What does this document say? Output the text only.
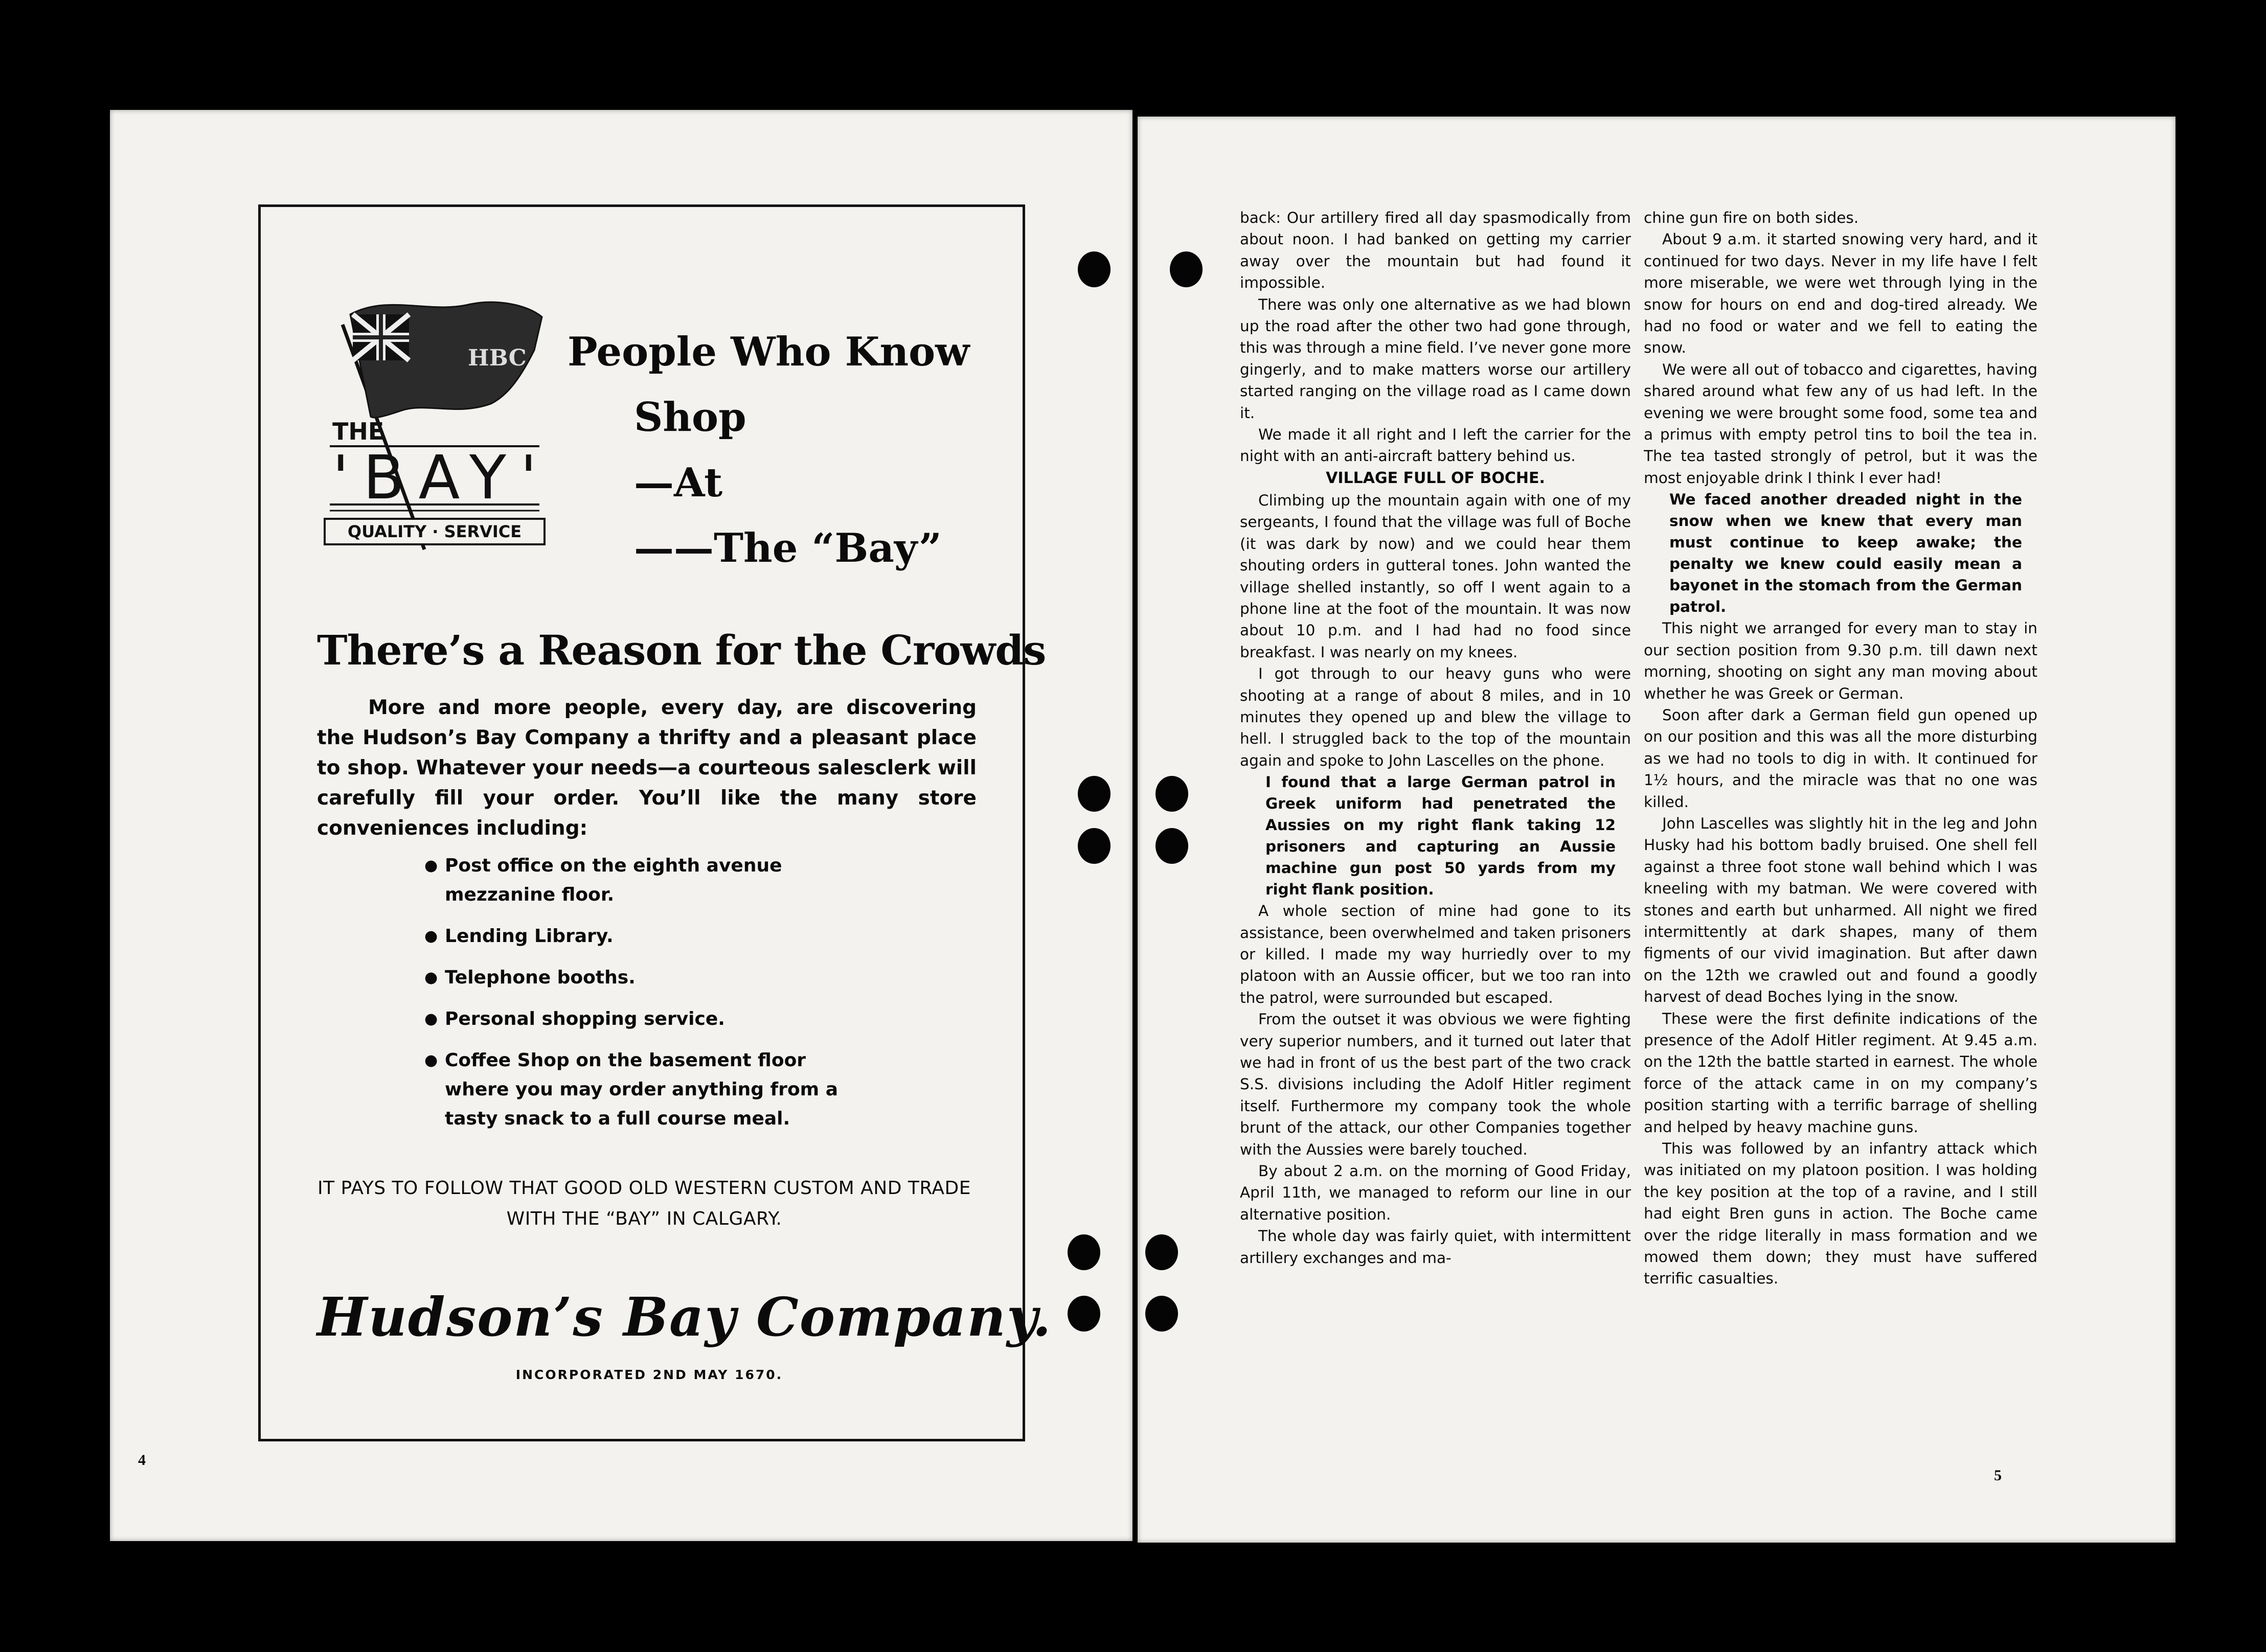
4
5
HBC
THE
'BAY'
QUALITY · SERVICE
People Who Know
Shop
—At
——The “Bay”
There’s a Reason for the Crowds

More and more people, every day, are discovering the Hudson’s Bay Company a thrifty and a pleasant place to shop. Whatever your needs—a courteous salesclerk will carefully fill your order. You’ll like the many store conveniences including:

● Post office on the eighth avenue mezzanine floor.
● Lending Library.
● Telephone booths.
● Personal shopping service.
● Coffee Shop on the basement floor where you may order anything from a tasty snack to a full course meal.
IT PAYS TO FOLLOW THAT GOOD OLD WESTERN CUSTOM AND TRADE WITH THE “BAY” IN CALGARY.
Hudson’s Bay Company.
INCORPORATED 2ND MAY 1670.

back: Our artillery fired all day spasmodically from about noon. I had banked on getting my carrier away over the mountain but had found it impossible.

There was only one alternative as we had blown up the road after the other two had gone through, this was through a mine field. I’ve never gone more gingerly, and to make matters worse our artillery started ranging on the village road as I came down it.

We made it all right and I left the carrier for the night with an anti-aircraft battery behind us.

VILLAGE FULL OF BOCHE.

Climbing up the mountain again with one of my sergeants, I found that the village was full of Boche (it was dark by now) and we could hear them shouting orders in gutteral tones. John wanted the village shelled instantly, so off I went again to a phone line at the foot of the mountain. It was now about 10 p.m. and I had had no food since breakfast. I was nearly on my knees.

I got through to our heavy guns who were shooting at a range of about 8 miles, and in 10 minutes they opened up and blew the village to hell. I struggled back to the top of the mountain again and spoke to John Lascelles on the phone.

I found that a large German patrol in Greek uniform had penetrated the Aussies on my right flank taking 12 prisoners and capturing an Aussie machine gun post 50 yards from my right flank position.

A whole section of mine had gone to its assistance, been overwhelmed and taken prisoners or killed. I made my way hurriedly over to my platoon with an Aussie officer, but we too ran into the patrol, were surrounded but escaped.

From the outset it was obvious we were fighting very superior numbers, and it turned out later that we had in front of us the best part of the two crack S.S. divisions including the Adolf Hitler regiment itself. Furthermore my company took the whole brunt of the attack, our other Companies together with the Aussies were barely touched.

By about 2 a.m. on the morning of Good Friday, April 11th, we managed to reform our line in our alternative position.

The whole day was fairly quiet, with intermittent artillery exchanges and ma-

chine gun fire on both sides.

About 9 a.m. it started snowing very hard, and it continued for two days. Never in my life have I felt more miserable, we were wet through lying in the snow for hours on end and dog-tired already. We had no food or water and we fell to eating the snow.

We were all out of tobacco and cigarettes, having shared around what few any of us had left. In the evening we were brought some food, some tea and a primus with empty petrol tins to boil the tea in. The tea tasted strongly of petrol, but it was the most enjoyable drink I think I ever had!

We faced another dreaded night in the snow when we knew that every man must continue to keep awake; the penalty we knew could easily mean a bayonet in the stomach from the German patrol.

This night we arranged for every man to stay in our section position from 9.30 p.m. till dawn next morning, shooting on sight any man moving about whether he was Greek or German.

Soon after dark a German field gun opened up on our position and this was all the more disturbing as we had no tools to dig in with. It continued for 1½ hours, and the miracle was that no one was killed.

John Lascelles was slightly hit in the leg and John Husky had his bottom badly bruised. One shell fell against a three foot stone wall behind which I was kneeling with my batman. We were covered with stones and earth but unharmed. All night we fired intermittently at dark shapes, many of them figments of our vivid imagination. But after dawn on the 12th we crawled out and found a goodly harvest of dead Boches lying in the snow.

These were the first definite indications of the presence of the Adolf Hitler regiment. At 9.45 a.m. on the 12th the battle started in earnest. The whole force of the attack came in on my company’s position starting with a terrific barrage of shelling and helped by heavy machine guns.

This was followed by an infantry attack which was initiated on my platoon position. I was holding the key position at the top of a ravine, and I still had eight Bren guns in action. The Boche came over the ridge literally in mass formation and we mowed them down; they must have suffered terrific casualties.
